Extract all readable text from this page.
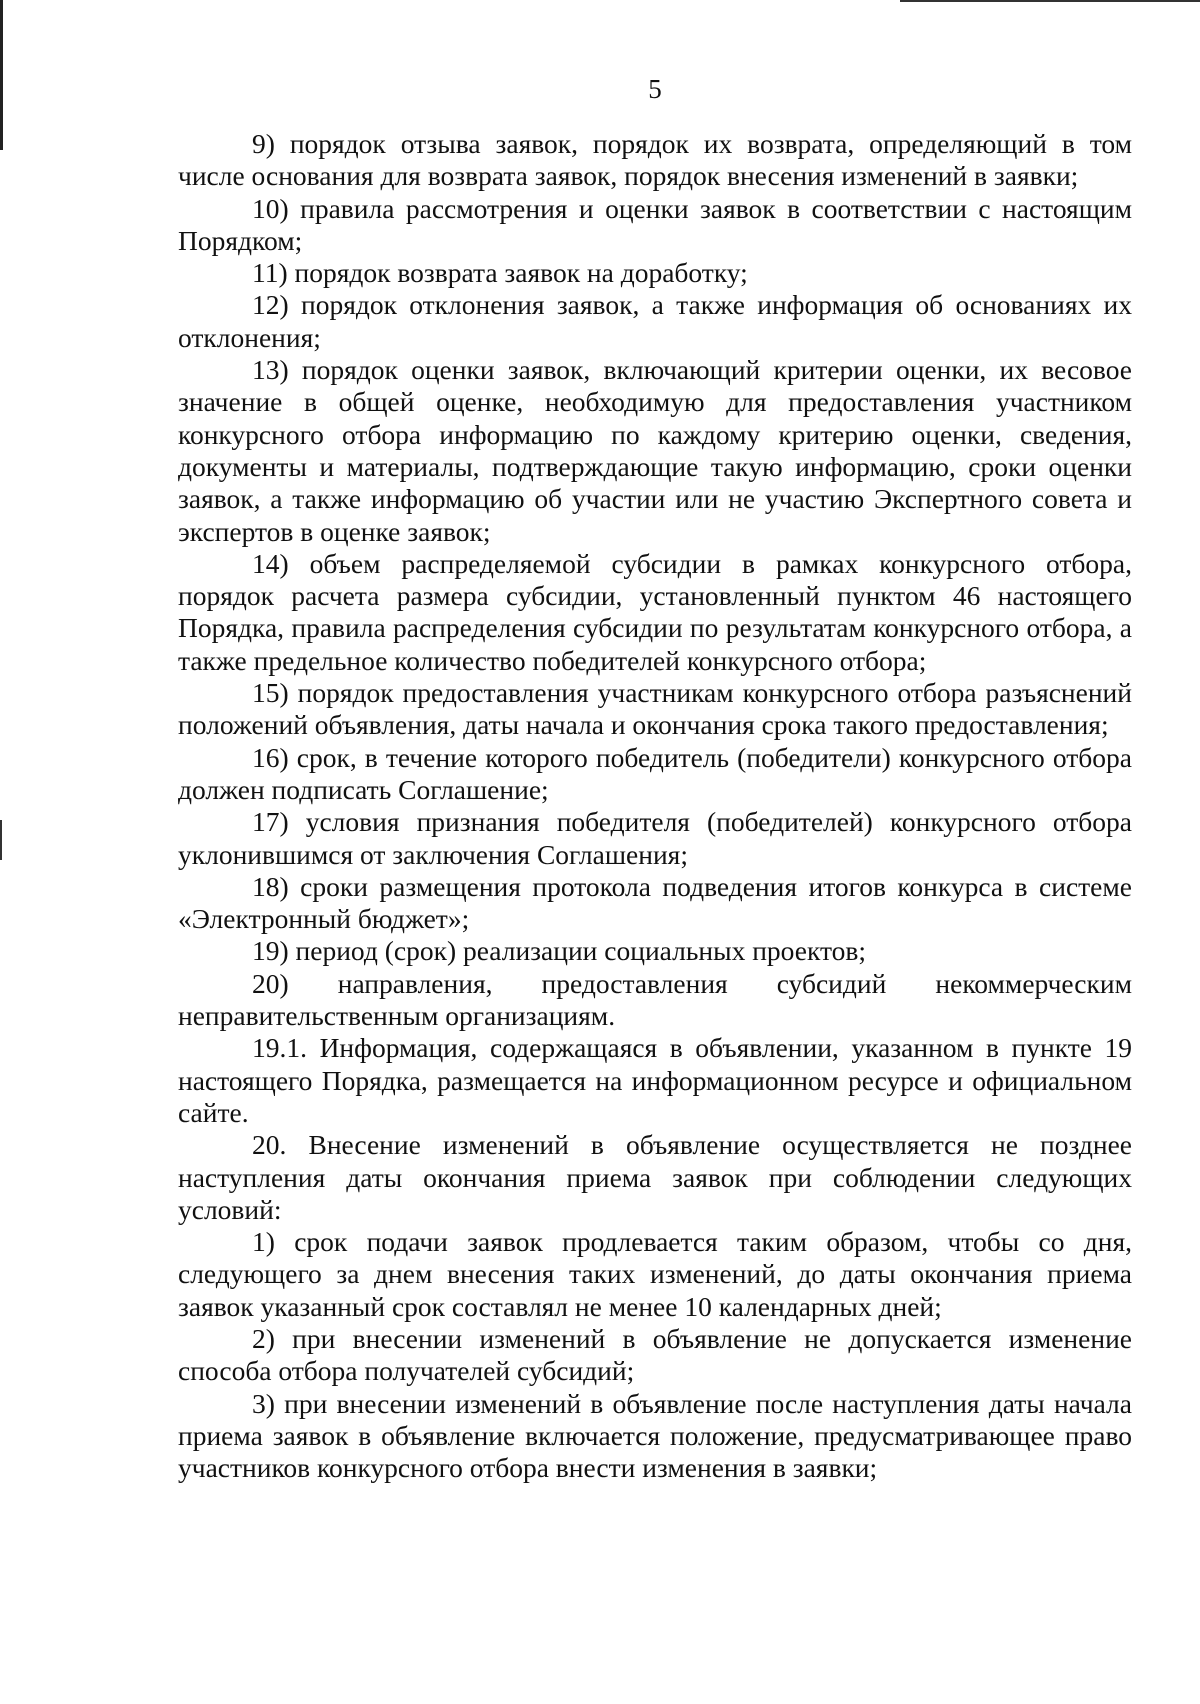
5

9) порядок отзыва заявок, порядок их возврата, определяющий в том числе основания для возврата заявок, порядок внесения изменений в заявки;

10) правила рассмотрения и оценки заявок в соответствии с настоящим Порядком;

11) порядок возврата заявок на доработку;

12) порядок отклонения заявок, а также информация об основаниях их отклонения;

13) порядок оценки заявок, включающий критерии оценки, их весовое значение в общей оценке, необходимую для предоставления участником конкурсного отбора информацию по каждому критерию оценки, сведения, документы и материалы, подтверждающие такую информацию, сроки оценки заявок, а также информацию об участии или не участию Экспертного совета и экспертов в оценке заявок;

14) объем распределяемой субсидии в рамках конкурсного отбора, порядок расчета размера субсидии, установленный пунктом 46 настоящего Порядка, правила распределения субсидии по результатам конкурсного отбора, а также предельное количество победителей конкурсного отбора;

15) порядок предоставления участникам конкурсного отбора разъяснений положений объявления, даты начала и окончания срока такого предоставления;

16) срок, в течение которого победитель (победители) конкурсного отбора должен подписать Соглашение;

17) условия признания победителя (победителей) конкурсного отбора уклонившимся от заключения Соглашения;

18) сроки размещения протокола подведения итогов конкурса в системе «Электронный бюджет»;

19) период (срок) реализации социальных проектов;

20) направления, предоставления субсидий некоммерческим неправительственным организациям.

19.1. Информация, содержащаяся в объявлении, указанном в пункте 19 настоящего Порядка, размещается на информационном ресурсе и официальном сайте.

20. Внесение изменений в объявление осуществляется не позднее наступления даты окончания приема заявок при соблюдении следующих условий:

1) срок подачи заявок продлевается таким образом, чтобы со дня, следующего за днем внесения таких изменений, до даты окончания приема заявок указанный срок составлял не менее 10 календарных дней;

2) при внесении изменений в объявление не допускается изменение способа отбора получателей субсидий;

3) при внесении изменений в объявление после наступления даты начала приема заявок в объявление включается положение, предусматривающее право участников конкурсного отбора внести изменения в заявки;
